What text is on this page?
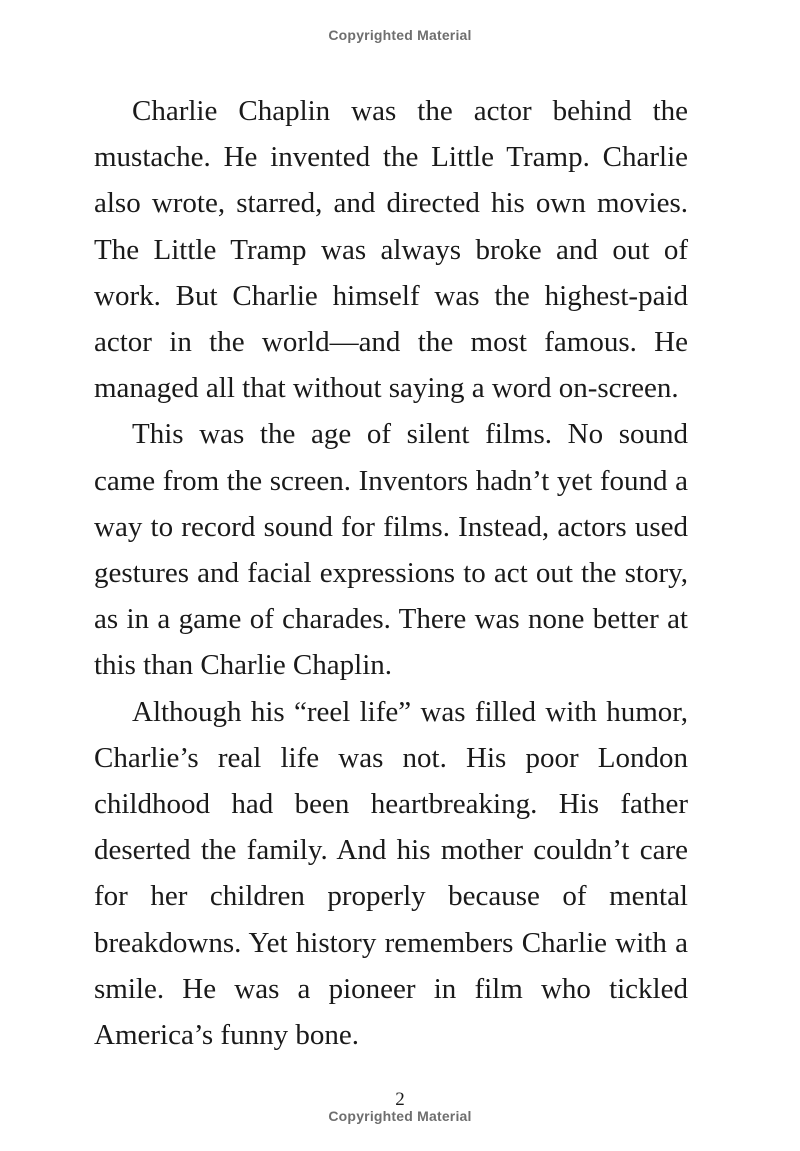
Copyrighted Material

Charlie Chaplin was the actor behind the mustache. He invented the Little Tramp. Charlie also wrote, starred, and directed his own movies. The Little Tramp was always broke and out of work. But Charlie himself was the highest-paid actor in the world—and the most famous. He managed all that without saying a word on-screen.

This was the age of silent films. No sound came from the screen. Inventors hadn’t yet found a way to record sound for films. Instead, actors used gestures and facial expressions to act out the story, as in a game of charades. There was none better at this than Charlie Chaplin.

Although his “reel life” was filled with humor, Charlie’s real life was not. His poor London childhood had been heartbreaking. His father deserted the family. And his mother couldn’t care for her children properly because of mental breakdowns. Yet history remembers Charlie with a smile. He was a pioneer in film who tickled America’s funny bone.

2
Copyrighted Material
